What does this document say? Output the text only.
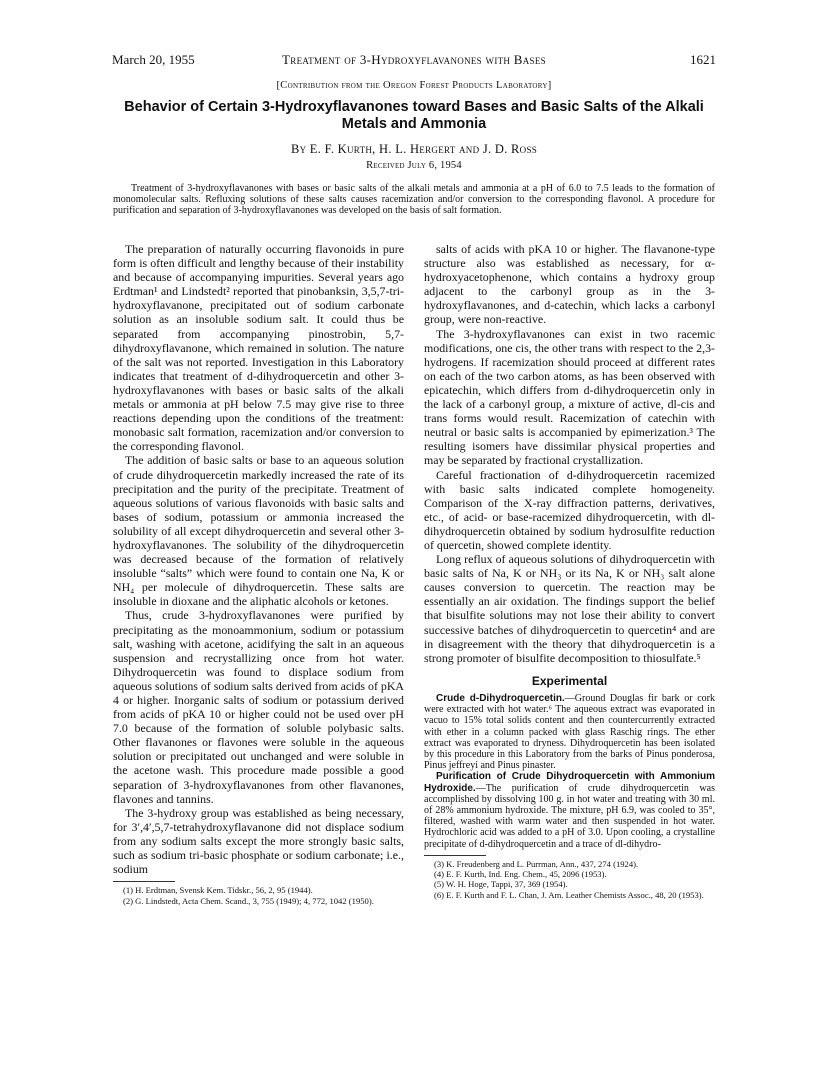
March 20, 1955	Treatment of 3-Hydroxyflavanones with Bases	1621
[Contribution from the Oregon Forest Products Laboratory]
Behavior of Certain 3-Hydroxyflavanones toward Bases and Basic Salts of the Alkali Metals and Ammonia
By E. F. Kurth, H. L. Hergert and J. D. Ross
Received July 6, 1954
Treatment of 3-hydroxyflavanones with bases or basic salts of the alkali metals and ammonia at a pH of 6.0 to 7.5 leads to the formation of monomolecular salts. Refluxing solutions of these salts causes racemization and/or conversion to the corresponding flavonol. A procedure for purification and separation of 3-hydroxyflavanones was developed on the basis of salt formation.

The preparation of naturally occurring flavonoids in pure form is often difficult and lengthy because of their instability and because of accompanying impurities. Several years ago Erdtman¹ and Lindstedt² reported that pinobanksin, 3,5,7-tri-hydroxyflavanone, precipitated out of sodium carbonate solution as an insoluble sodium salt. It could thus be separated from accompanying pinostrobin, 5,7-dihydroxyflavanone, which remained in solution. The nature of the salt was not reported. Investigation in this Laboratory indicates that treatment of d-dihydroquercetin and other 3-hydroxyflavanones with bases or basic salts of the alkali metals or ammonia at pH below 7.5 may give rise to three reactions depending upon the conditions of the treatment: monobasic salt formation, racemization and/or conversion to the corresponding flavonol.

The addition of basic salts or base to an aqueous solution of crude dihydroquercetin markedly increased the rate of its precipitation and the purity of the precipitate. Treatment of aqueous solutions of various flavonoids with basic salts and bases of sodium, potassium or ammonia increased the solubility of all except dihydroquercetin and several other 3-hydroxyflavanones. The solubility of the dihydroquercetin was decreased because of the formation of relatively insoluble “salts” which were found to contain one Na, K or NH₄ per molecule of dihydroquercetin. These salts are insoluble in dioxane and the aliphatic alcohols or ketones.

Thus, crude 3-hydroxyflavanones were purified by precipitating as the monoammonium, sodium or potassium salt, washing with acetone, acidifying the salt in an aqueous suspension and recrystallizing once from hot water. Dihydroquercetin was found to displace sodium from aqueous solutions of sodium salts derived from acids of pKA 4 or higher. Inorganic salts of sodium or potassium derived from acids of pKA 10 or higher could not be used over pH 7.0 because of the formation of soluble polybasic salts. Other flavanones or flavones were soluble in the aqueous solution or precipitated out unchanged and were soluble in the acetone wash. This procedure made possible a good separation of 3-hydroxyflavanones from other flavanones, flavones and tannins.

The 3-hydroxy group was established as being necessary, for 3′,4′,5,7-tetrahydroxyflavanone did not displace sodium from any sodium salts except the more strongly basic salts, such as sodium tri-basic phosphate or sodium carbonate; i.e., sodium

(1) H. Erdtman, Svensk Kem. Tidskr., 56, 2, 95 (1944).
(2) G. Lindstedt, Acta Chem. Scand., 3, 755 (1949); 4, 772, 1042 (1950).

salts of acids with pKA 10 or higher. The flavanone-type structure also was established as necessary, for α-hydroxyacetophenone, which contains a hydroxy group adjacent to the carbonyl group as in the 3-hydroxyflavanones, and d-catechin, which lacks a carbonyl group, were non-reactive.

The 3-hydroxyflavanones can exist in two racemic modifications, one cis, the other trans with respect to the 2,3-hydrogens. If racemization should proceed at different rates on each of the two carbon atoms, as has been observed with epicatechin, which differs from d-dihydroquercetin only in the lack of a carbonyl group, a mixture of active, dl-cis and trans forms would result. Racemization of catechin with neutral or basic salts is accompanied by epimerization.³ The resulting isomers have dissimilar physical properties and may be separated by fractional crystallization.

Careful fractionation of d-dihydroquercetin racemized with basic salts indicated complete homogeneity. Comparison of the X-ray diffraction patterns, derivatives, etc., of acid- or base-racemized dihydroquercetin, with dl-dihydroquercetin obtained by sodium hydrosulfite reduction of quercetin, showed complete identity.

Long reflux of aqueous solutions of dihydroquercetin with basic salts of Na, K or NH₃ or its Na, K or NH₃ salt alone causes conversion to quercetin. The reaction may be essentially an air oxidation. The findings support the belief that bisulfite solutions may not lose their ability to convert successive batches of dihydroquercetin to quercetin⁴ and are in disagreement with the theory that dihydroquercetin is a strong promoter of bisulfite decomposition to thiosulfate.⁵

Experimental

Crude d-Dihydroquercetin.—Ground Douglas fir bark or cork were extracted with hot water.⁶ The aqueous extract was evaporated in vacuo to 15% total solids content and then countercurrently extracted with ether in a column packed with glass Raschig rings. The ether extract was evaporated to dryness. Dihydroquercetin has been isolated by this procedure in this Laboratory from the barks of Pinus ponderosa, Pinus jeffreyi and Pinus pinaster.

Purification of Crude Dihydroquercetin with Ammonium Hydroxide.—The purification of crude dihydroquercetin was accomplished by dissolving 100 g. in hot water and treating with 30 ml. of 28% ammonium hydroxide. The mixture, pH 6.9, was cooled to 35°, filtered, washed with warm water and then suspended in hot water. Hydrochloric acid was added to a pH of 3.0. Upon cooling, a crystalline precipitate of d-dihydroquercetin and a trace of dl-dihydro-

(3) K. Freudenberg and L. Purrman, Ann., 437, 274 (1924).
(4) E. F. Kurth, Ind. Eng. Chem., 45, 2096 (1953).
(5) W. H. Hoge, Tappi, 37, 369 (1954).
(6) E. F. Kurth and F. L. Chan, J. Am. Leather Chemists Assoc., 48, 20 (1953).
